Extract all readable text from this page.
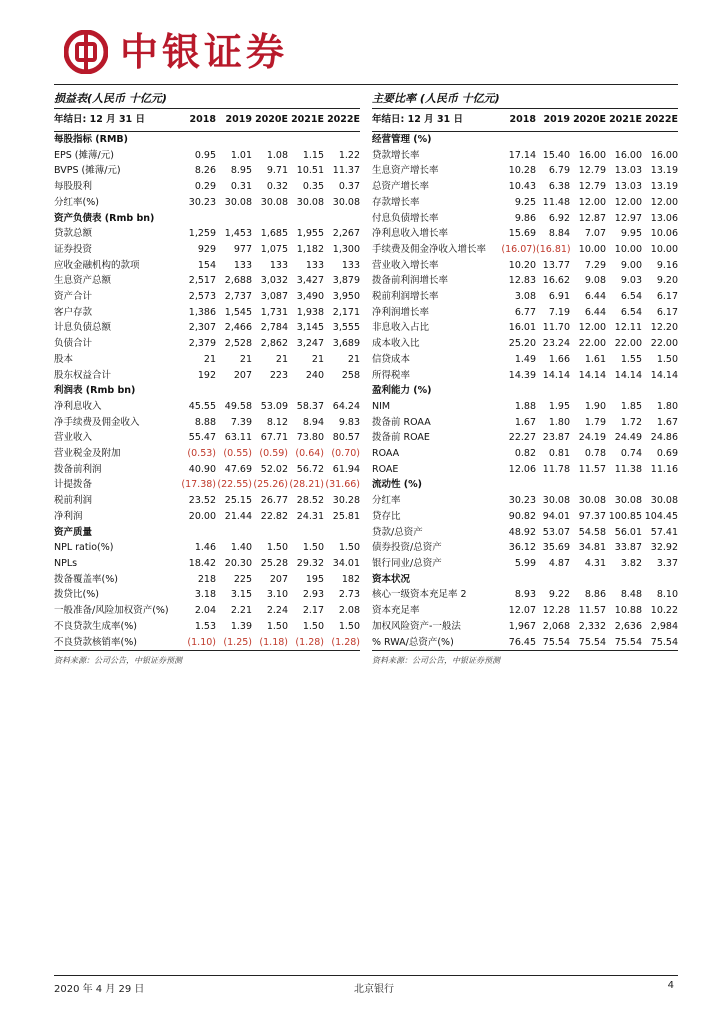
中银证券
损益表(人民币 十亿元)
年结日: 12 月 31 日	2018	2019	2020E	2021E	2022E
每股指标 (RMB)					
EPS (摊薄/元)	0.95	1.01	1.08	1.15	1.22
BVPS (摊薄/元)	8.26	8.95	9.71	10.51	11.37
每股股利	0.29	0.31	0.32	0.35	0.37
分红率(%)	30.23	30.08	30.08	30.08	30.08
资产负债表 (Rmb bn)					
贷款总额	1,259	1,453	1,685	1,955	2,267
证券投资	929	977	1,075	1,182	1,300
应收金融机构的款项	154	133	133	133	133
生息资产总额	2,517	2,688	3,032	3,427	3,879
资产合计	2,573	2,737	3,087	3,490	3,950
客户存款	1,386	1,545	1,731	1,938	2,171
计息负债总额	2,307	2,466	2,784	3,145	3,555
负债合计	2,379	2,528	2,862	3,247	3,689
股本	21	21	21	21	21
股东权益合计	192	207	223	240	258
利润表 (Rmb bn)					
净利息收入	45.55	49.58	53.09	58.37	64.24
净手续费及佣金收入	8.88	7.39	8.12	8.94	9.83
营业收入	55.47	63.11	67.71	73.80	80.57
营业税金及附加	(0.53)	(0.55)	(0.59)	(0.64)	(0.70)
拨备前利润	40.90	47.69	52.02	56.72	61.94
计提拨备	(17.38)	(22.55)	(25.26)	(28.21)	(31.66)
税前利润	23.52	25.15	26.77	28.52	30.28
净利润	20.00	21.44	22.82	24.31	25.81
资产质量					
NPL ratio(%)	1.46	1.40	1.50	1.50	1.50
NPLs	18.42	20.30	25.28	29.32	34.01
拨备覆盖率(%)	218	225	207	195	182
拨贷比(%)	3.18	3.15	3.10	2.93	2.73
一般准备/风险加权资产(%)	2.04	2.21	2.24	2.17	2.08
不良贷款生成率(%)	1.53	1.39	1.50	1.50	1.50
不良贷款核销率(%)	(1.10)	(1.25)	(1.18)	(1.28)	(1.28)
资料来源：公司公告，中银证券预测
主要比率 (人民币 十亿元)
年结日: 12 月 31 日	2018	2019	2020E	2021E	2022E
经营管理 (%)					
贷款增长率	17.14	15.40	16.00	16.00	16.00
生息资产增长率	10.28	6.79	12.79	13.03	13.19
总资产增长率	10.43	6.38	12.79	13.03	13.19
存款增长率	9.25	11.48	12.00	12.00	12.00
付息负债增长率	9.86	6.92	12.87	12.97	13.06
净利息收入增长率	15.69	8.84	7.07	9.95	10.06
手续费及佣金净收入增长率	(16.07)	(16.81)	10.00	10.00	10.00
营业收入增长率	10.20	13.77	7.29	9.00	9.16
拨备前利润增长率	12.83	16.62	9.08	9.03	9.20
税前利润增长率	3.08	6.91	6.44	6.54	6.17
净利润增长率	6.77	7.19	6.44	6.54	6.17
非息收入占比	16.01	11.70	12.00	12.11	12.20
成本收入比	25.20	23.24	22.00	22.00	22.00
信贷成本	1.49	1.66	1.61	1.55	1.50
所得税率	14.39	14.14	14.14	14.14	14.14
盈利能力 (%)					
NIM	1.88	1.95	1.90	1.85	1.80
拨备前 ROAA	1.67	1.80	1.79	1.72	1.67
拨备前 ROAE	22.27	23.87	24.19	24.49	24.86
ROAA	0.82	0.81	0.78	0.74	0.69
ROAE	12.06	11.78	11.57	11.38	11.16
流动性 (%)					
分红率	30.23	30.08	30.08	30.08	30.08
贷存比	90.82	94.01	97.37	100.85	104.45
贷款/总资产	48.92	53.07	54.58	56.01	57.41
债券投资/总资产	36.12	35.69	34.81	33.87	32.92
银行同业/总资产	5.99	4.87	4.31	3.82	3.37
资本状况					
核心一级资本充足率 2	8.93	9.22	8.86	8.48	8.10
资本充足率	12.07	12.28	11.57	10.88	10.22
加权风险资产-一般法	1,967	2,068	2,332	2,636	2,984
% RWA/总资产(%)	76.45	75.54	75.54	75.54	75.54
资料来源：公司公告，中银证券预测
2020 年 4 月 29 日	北京银行	4
